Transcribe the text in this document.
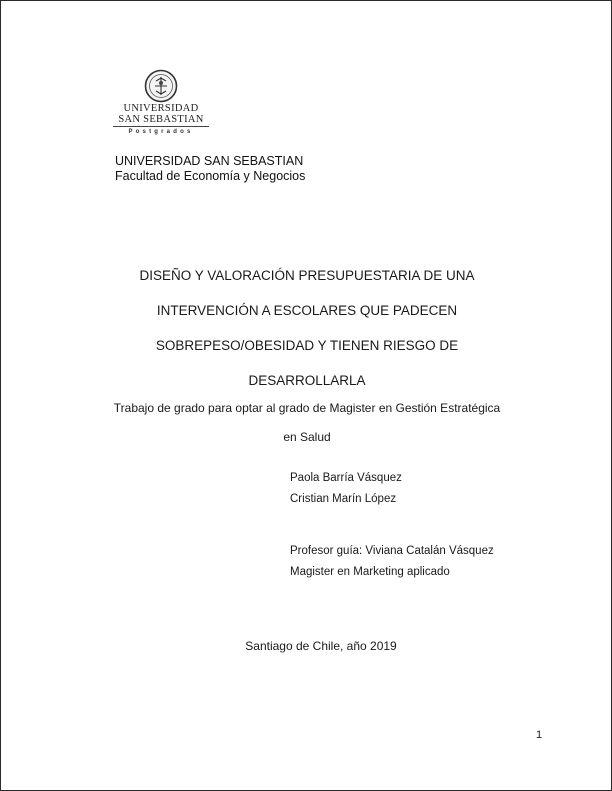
UNIVERSIDAD
SAN SEBASTIAN
Postgrados
UNIVERSIDAD SAN SEBASTIAN
Facultad de Economía y Negocios
DISEÑO Y VALORACIÓN PRESUPUESTARIA DE UNA
INTERVENCIÓN A ESCOLARES QUE PADECEN
SOBREPESO/OBESIDAD Y TIENEN RIESGO DE
DESARROLLARLA
Trabajo de grado para optar al grado de Magister en Gestión Estratégica
en Salud
Paola Barría Vásquez
Cristian Marín López
Profesor guía: Viviana Catalán Vásquez
Magister en Marketing aplicado
Santiago de Chile, año 2019
1
